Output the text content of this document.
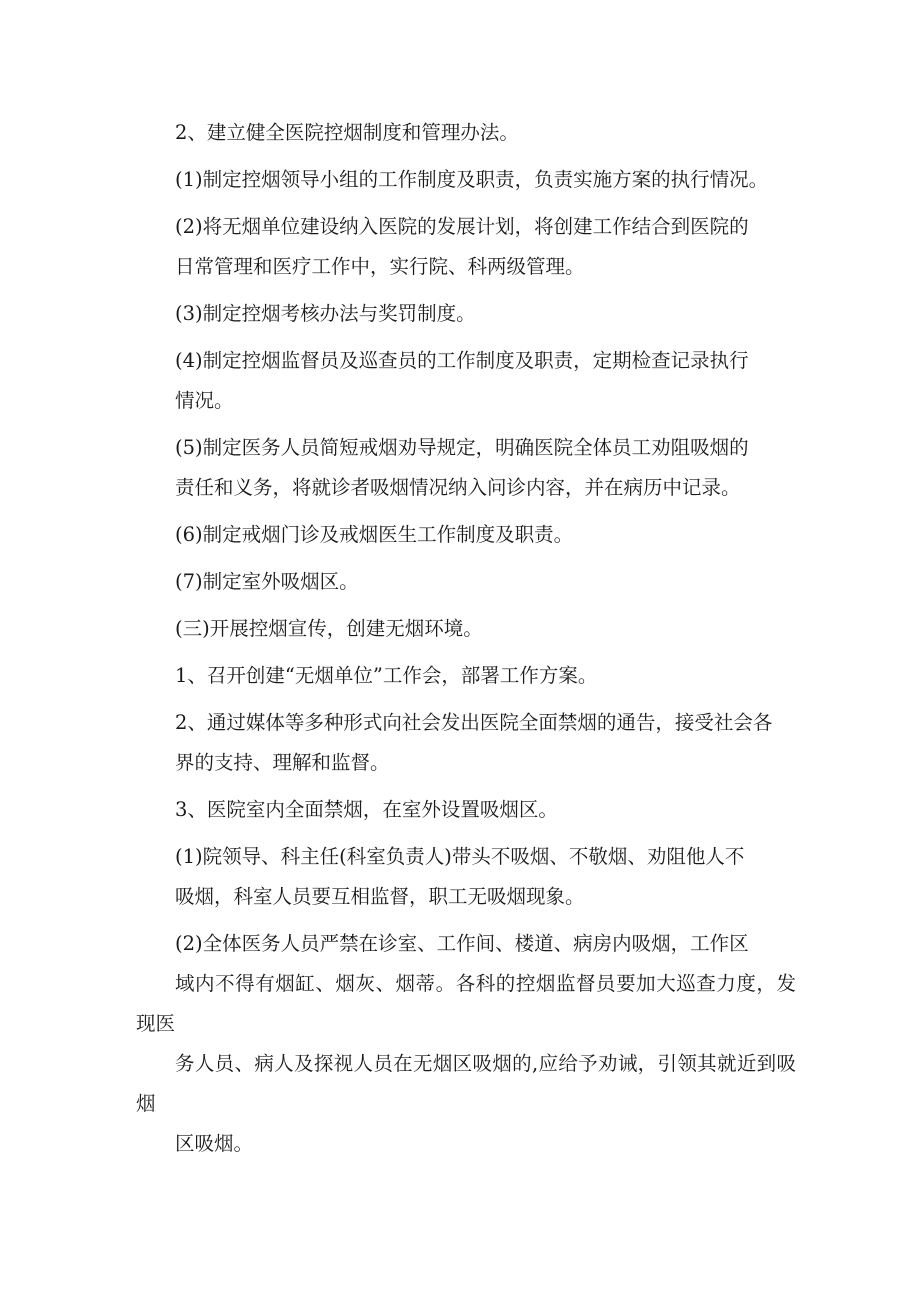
2、建立健全医院控烟制度和管理办法。

(1)制定控烟领导小组的工作制度及职责，负责实施方案的执行情况。

(2)将无烟单位建设纳入医院的发展计划，将创建工作结合到医院的
日常管理和医疗工作中，实行院、科两级管理。

(3)制定控烟考核办法与奖罚制度。

(4)制定控烟监督员及巡查员的工作制度及职责，定期检查记录执行
情况。

(5)制定医务人员简短戒烟劝导规定，明确医院全体员工劝阻吸烟的
责任和义务，将就诊者吸烟情况纳入问诊内容，并在病历中记录。

(6)制定戒烟门诊及戒烟医生工作制度及职责。

(7)制定室外吸烟区。

(三)开展控烟宣传，创建无烟环境。

1、召开创建“无烟单位”工作会，部署工作方案。

2、通过媒体等多种形式向社会发出医院全面禁烟的通告，接受社会各
界的支持、理解和监督。

3、医院室内全面禁烟，在室外设置吸烟区。

(1)院领导、科主任(科室负责人)带头不吸烟、不敬烟、劝阻他人不
吸烟，科室人员要互相监督，职工无吸烟现象。

(2)全体医务人员严禁在诊室、工作间、楼道、病房内吸烟，工作区
域内不得有烟缸、烟灰、烟蒂。各科的控烟监督员要加大巡查力度，发现医
务人员、病人及探视人员在无烟区吸烟的,应给予劝诫，引领其就近到吸烟
区吸烟。
